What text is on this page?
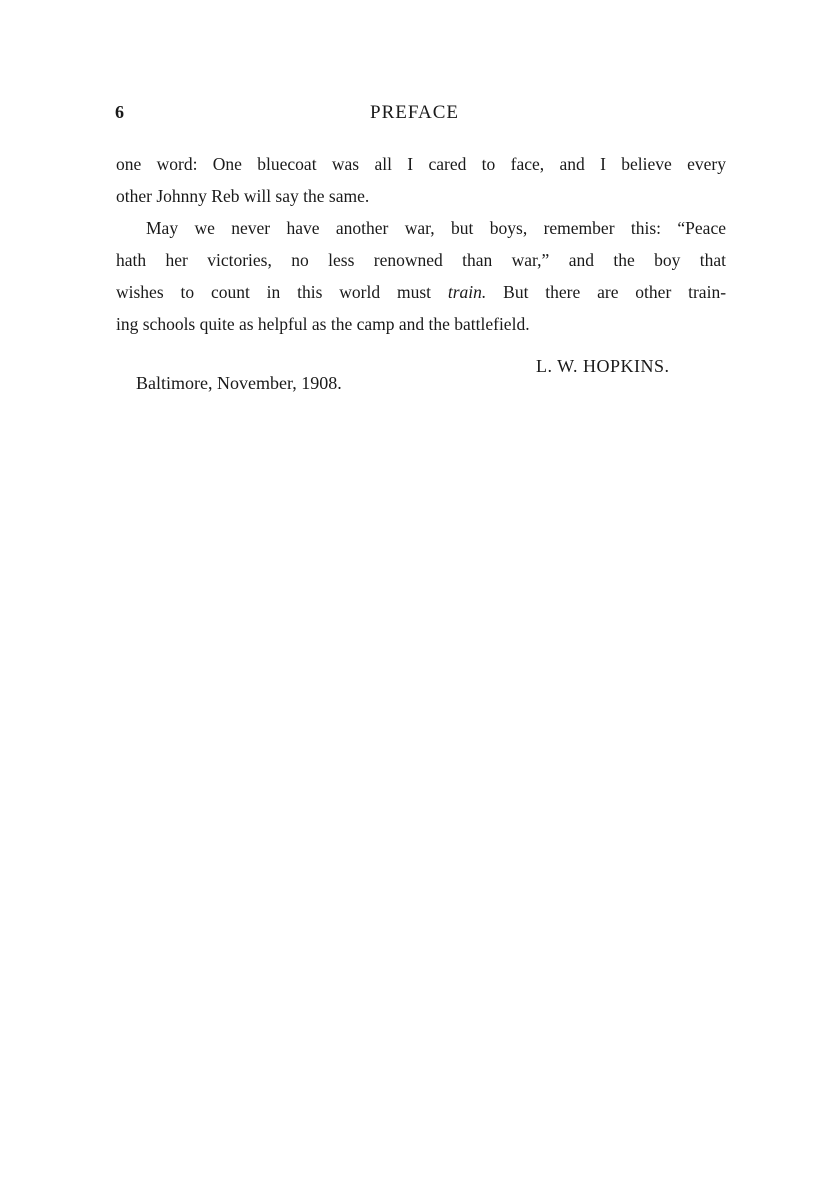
6	PREFACE
one word: One bluecoat was all I cared to face, and I believe every
other Johnny Reb will say the same.
May we never have another war, but boys, remember this: “Peace
hath her victories, no less renowned than war,” and the boy that
wishes to count in this world must train. But there are other train-
ing schools quite as helpful as the camp and the battlefield.
L. W. HOPKINS.
Baltimore, November, 1908.
